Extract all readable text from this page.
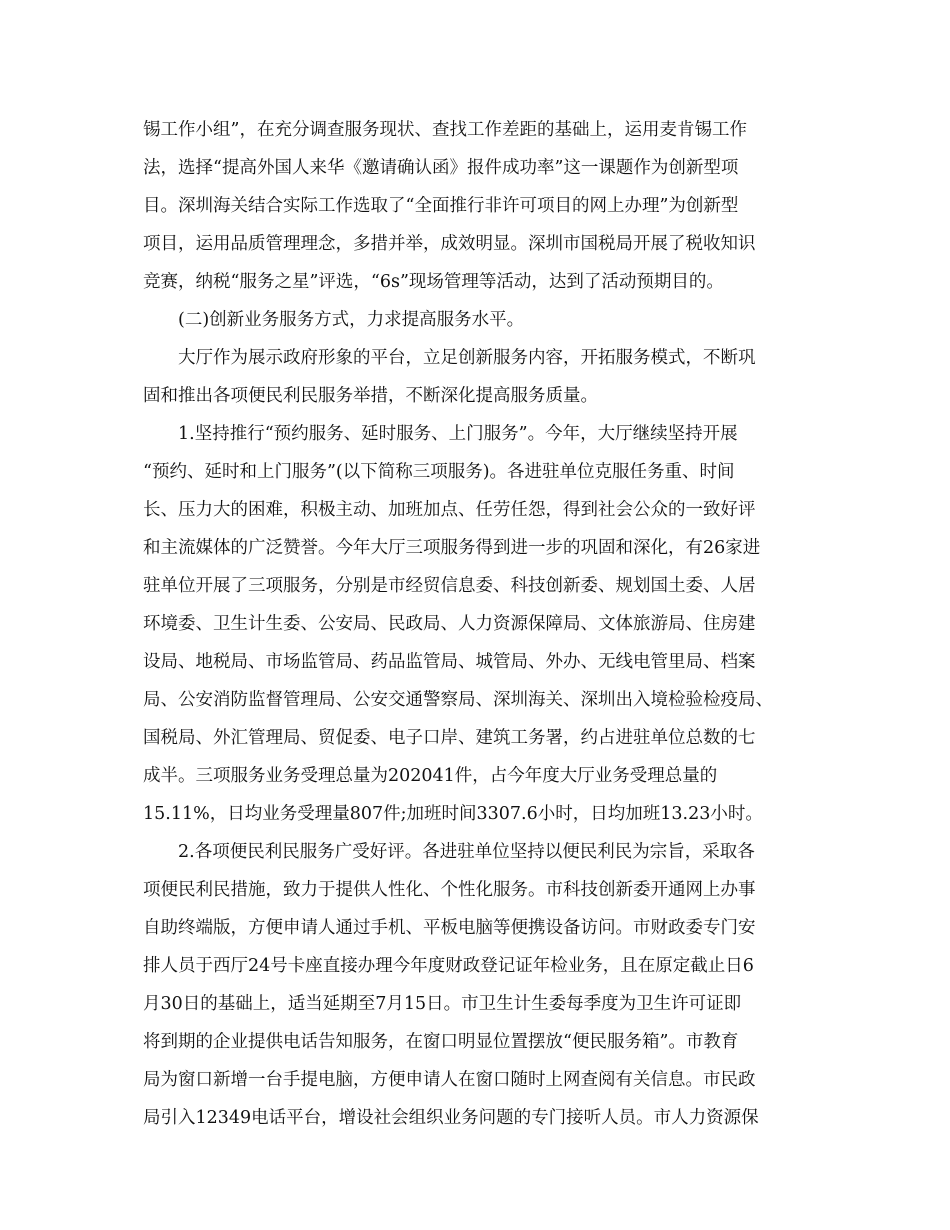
锡工作小组”，在充分调查服务现状、查找工作差距的基础上，运用麦肯锡工作

法，选择“提高外国人来华《邀请确认函》报件成功率”这一课题作为创新型项

目。深圳海关结合实际工作选取了“全面推行非许可项目的网上办理”为创新型

项目，运用品质管理理念，多措并举，成效明显。深圳市国税局开展了税收知识

竞赛，纳税“服务之星”评选，“6s”现场管理等活动，达到了活动预期目的。

(二)创新业务服务方式，力求提高服务水平。

大厅作为展示政府形象的平台，立足创新服务内容，开拓服务模式，不断巩

固和推出各项便民利民服务举措，不断深化提高服务质量。

1.坚持推行“预约服务、延时服务、上门服务”。今年，大厅继续坚持开展

“预约、延时和上门服务”(以下简称三项服务)。各进驻单位克服任务重、时间

长、压力大的困难，积极主动、加班加点、任劳任怨，得到社会公众的一致好评

和主流媒体的广泛赞誉。今年大厅三项服务得到进一步的巩固和深化，有26家进

驻单位开展了三项服务，分别是市经贸信息委、科技创新委、规划国土委、人居

环境委、卫生计生委、公安局、民政局、人力资源保障局、文体旅游局、住房建

设局、地税局、市场监管局、药品监管局、城管局、外办、无线电管里局、档案

局、公安消防监督管理局、公安交通警察局、深圳海关、深圳出入境检验检疫局、

国税局、外汇管理局、贸促委、电子口岸、建筑工务署，约占进驻单位总数的七

成半。三项服务业务受理总量为202041件，占今年度大厅业务受理总量的

15.11%，日均业务受理量807件;加班时间3307.6小时，日均加班13.23小时。

2.各项便民利民服务广受好评。各进驻单位坚持以便民利民为宗旨，采取各

项便民利民措施，致力于提供人性化、个性化服务。市科技创新委开通网上办事

自助终端版，方便申请人通过手机、平板电脑等便携设备访问。市财政委专门安

排人员于西厅24号卡座直接办理今年度财政登记证年检业务，且在原定截止日6

月30日的基础上，适当延期至7月15日。市卫生计生委每季度为卫生许可证即

将到期的企业提供电话告知服务，在窗口明显位置摆放“便民服务箱”。市教育

局为窗口新增一台手提电脑，方便申请人在窗口随时上网查阅有关信息。市民政

局引入12349电话平台，增设社会组织业务问题的专门接听人员。市人力资源保
